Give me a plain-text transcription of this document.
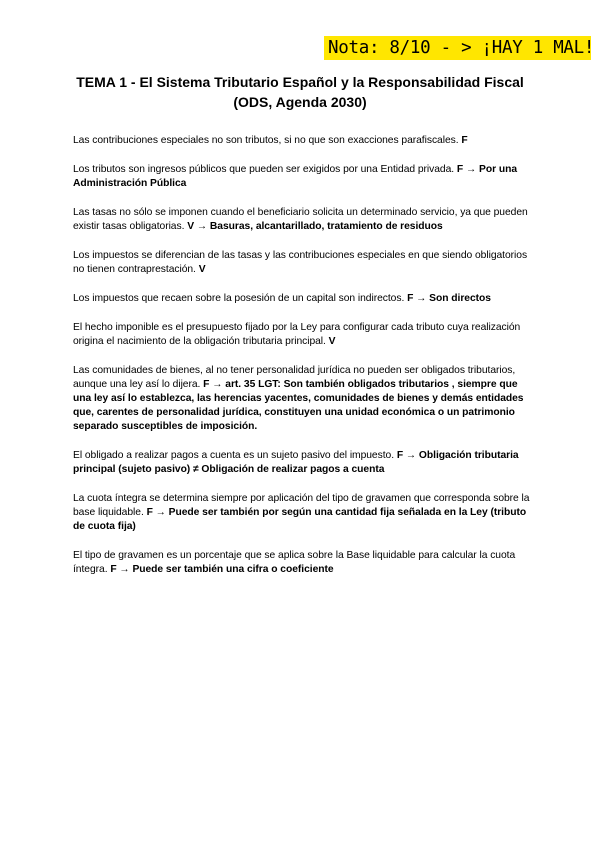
Nota: 8/10 - > ¡HAY 1 MAL!
TEMA 1 - El Sistema Tributario Español y la Responsabilidad Fiscal
(ODS, Agenda 2030)

Las contribuciones especiales no son tributos, si no que son exacciones parafiscales. F

Los tributos son ingresos públicos que pueden ser exigidos por una Entidad privada. F → Por una Administración Pública

Las tasas no sólo se imponen cuando el beneficiario solicita un determinado servicio, ya que pueden existir tasas obligatorias. V → Basuras, alcantarillado, tratamiento de residuos

Los impuestos se diferencian de las tasas y las contribuciones especiales en que siendo obligatorios no tienen contraprestación. V

Los impuestos que recaen sobre la posesión de un capital son indirectos. F → Son directos

El hecho imponible es el presupuesto fijado por la Ley para configurar cada tributo cuya realización origina el nacimiento de la obligación tributaria principal. V

Las comunidades de bienes, al no tener personalidad jurídica no pueden ser obligados tributarios, aunque una ley así lo dijera. F → art. 35 LGT: Son también obligados tributarios , siempre que una ley así lo establezca, las herencias yacentes, comunidades de bienes y demás entidades que, carentes de personalidad jurídica, constituyen una unidad económica o un patrimonio separado susceptibles de imposición.

El obligado a realizar pagos a cuenta es un sujeto pasivo del impuesto. F → Obligación tributaria principal (sujeto pasivo) ≠ Obligación de realizar pagos a cuenta

La cuota íntegra se determina siempre por aplicación del tipo de gravamen que corresponda sobre la base liquidable. F → Puede ser también por según una cantidad fija señalada en la Ley (tributo de cuota fija)

El tipo de gravamen es un porcentaje que se aplica sobre la Base liquidable para calcular la cuota íntegra. F → Puede ser también una cifra o coeficiente
